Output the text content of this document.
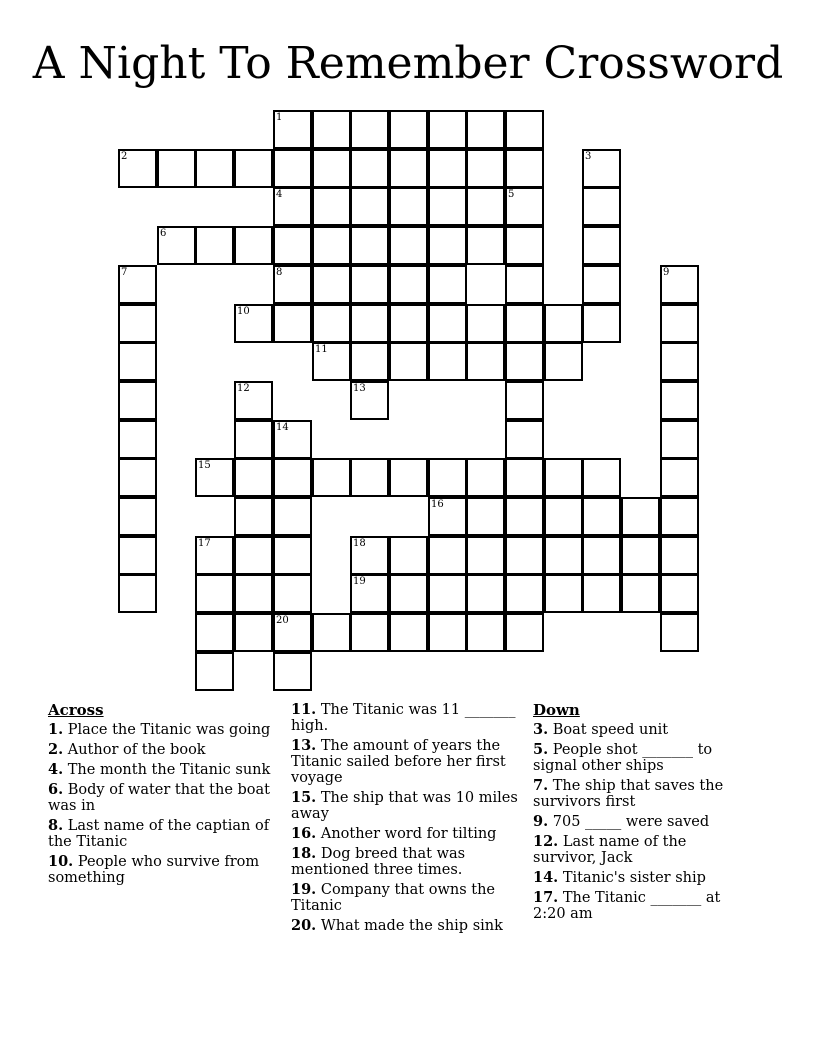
A Night To Remember Crossword
1
2
4	5
6
8
10
11
15
16
18
19
20
3
7	9
12	13
14
17
Across
1. Place the Titanic was going
2. Author of the book
4. The month the Titanic sunk
6. Body of water that the boat was in
8. Last name of the captian of the Titanic
10. People who survive from something
11. The Titanic was 11 _______ high.
13. The amount of years the Titanic sailed before her first voyage
15. The ship that was 10 miles away
16. Another word for tilting
18. Dog breed that was mentioned three times.
19. Company that owns the Titanic
20. What made the ship sink
Down
3. Boat speed unit
5. People shot _______ to signal other ships
7. The ship that saves the survivors first
9. 705 _____ were saved
12. Last name of the survivor, Jack
14. Titanic's sister ship
17. The Titanic _______ at 2:20 am
